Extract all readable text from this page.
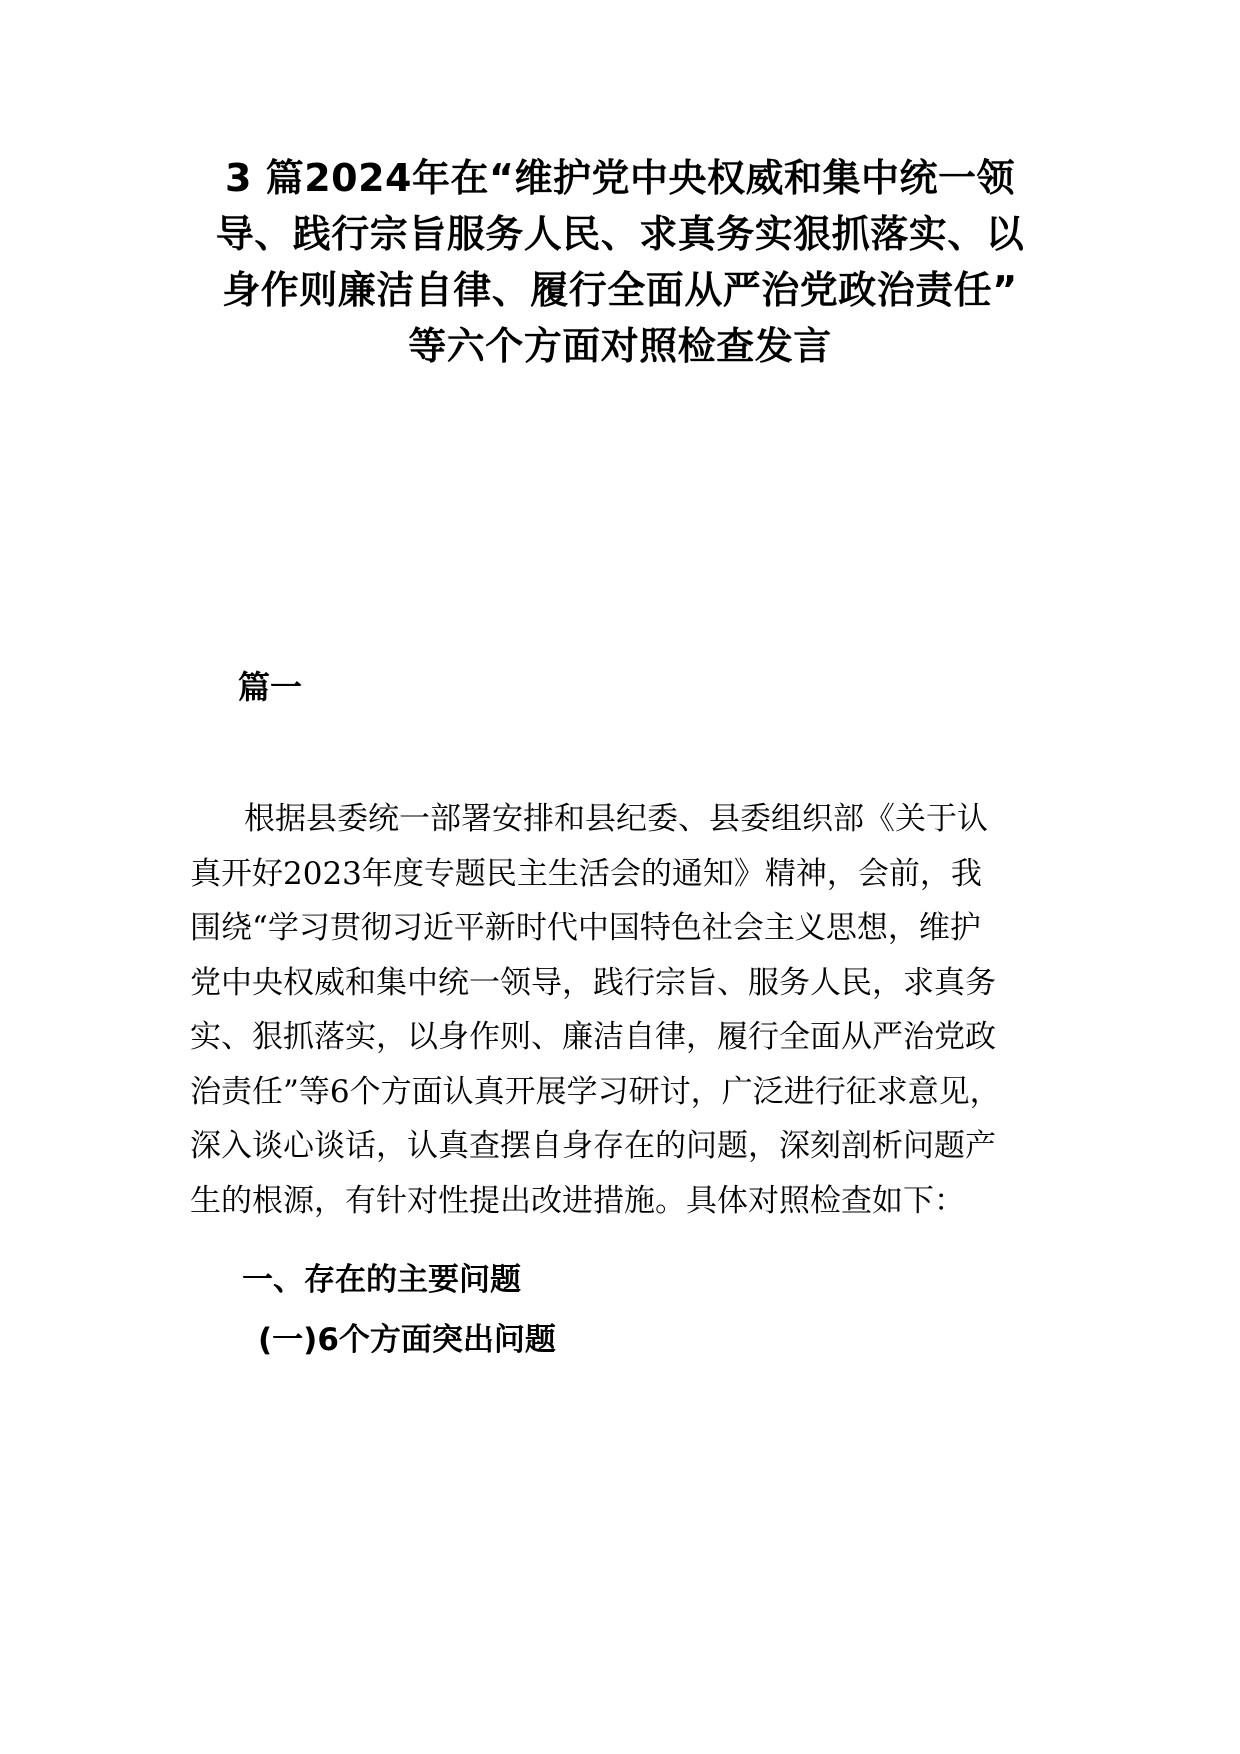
3 篇2024年在“维护党中央权威和集中统一领
导、践行宗旨服务人民、求真务实狠抓落实、以
身作则廉洁自律、履行全面从严治党政治责任”
等六个方面对照检查发言
篇一

根据县委统一部署安排和县纪委、县委组织部《关于认
真开好2023年度专题民主生活会的通知》精神，会前，我
围绕“学习贯彻习近平新时代中国特色社会主义思想，维护
党中央权威和集中统一领导，践行宗旨、服务人民，求真务
实、狠抓落实，以身作则、廉洁自律，履行全面从严治党政
治责任”等6个方面认真开展学习研讨，广泛进行征求意见，
深入谈心谈话，认真查摆自身存在的问题，深刻剖析问题产
生的根源，有针对性提出改进措施。具体对照检查如下：

一、存在的主要问题
(一)6个方面突出问题
